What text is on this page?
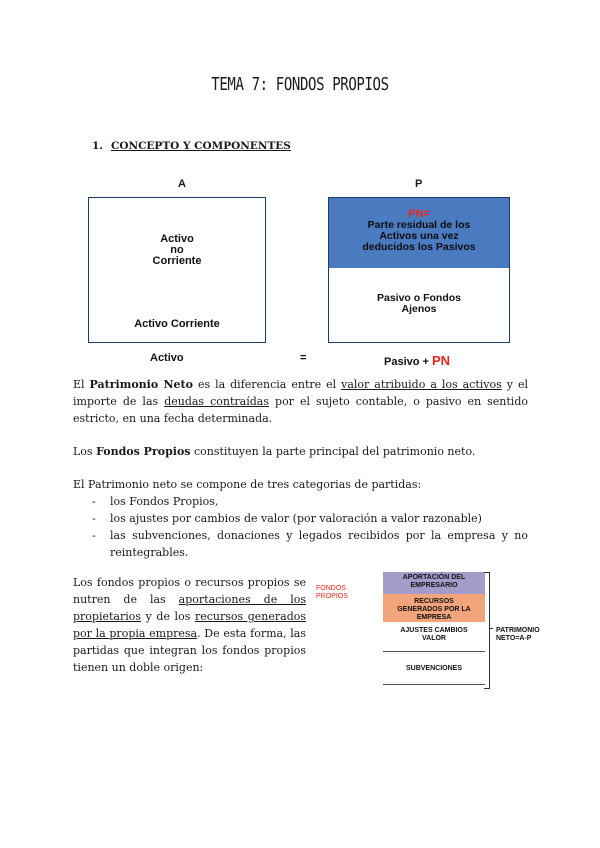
TEMA 7: FONDOS PROPIOS
1. CONCEPTO Y COMPONENTES
A	P
Activo
no
Corriente
Activo Corriente
PN=
Parte residual de los
Activos una vez
deducidos los Pasivos
Pasivo o Fondos
Ajenos
Activo	=	Pasivo + PN
El Patrimonio Neto es la diferencia entre el valor atribuido a los activos y el importe de las deudas contraídas por el sujeto contable, o pasivo en sentido estricto, en una fecha determinada.
Los Fondos Propios constituyen la parte principal del patrimonio neto.
El Patrimonio neto se compone de tres categorias de partidas:
- los Fondos Propios,
- los ajustes por cambios de valor (por valoración a valor razonable)
- las subvenciones, donaciones y legados recibidos por la empresa y no reintegrables.
Los fondos propios o recursos propios se nutren de las aportaciones de los propietarios y de los recursos generados por la propia empresa. De esta forma, las partidas que integran los fondos propios tienen un doble origen:
FONDOS
PROPIOS
APORTACIÓN DEL
EMPRESARIO
RECURSOS
GENERADOS POR LA
EMPRESA
AJUSTES CAMBIOS
VALOR
SUBVENCIONES
PATRIMONIO
NETO=A-P
